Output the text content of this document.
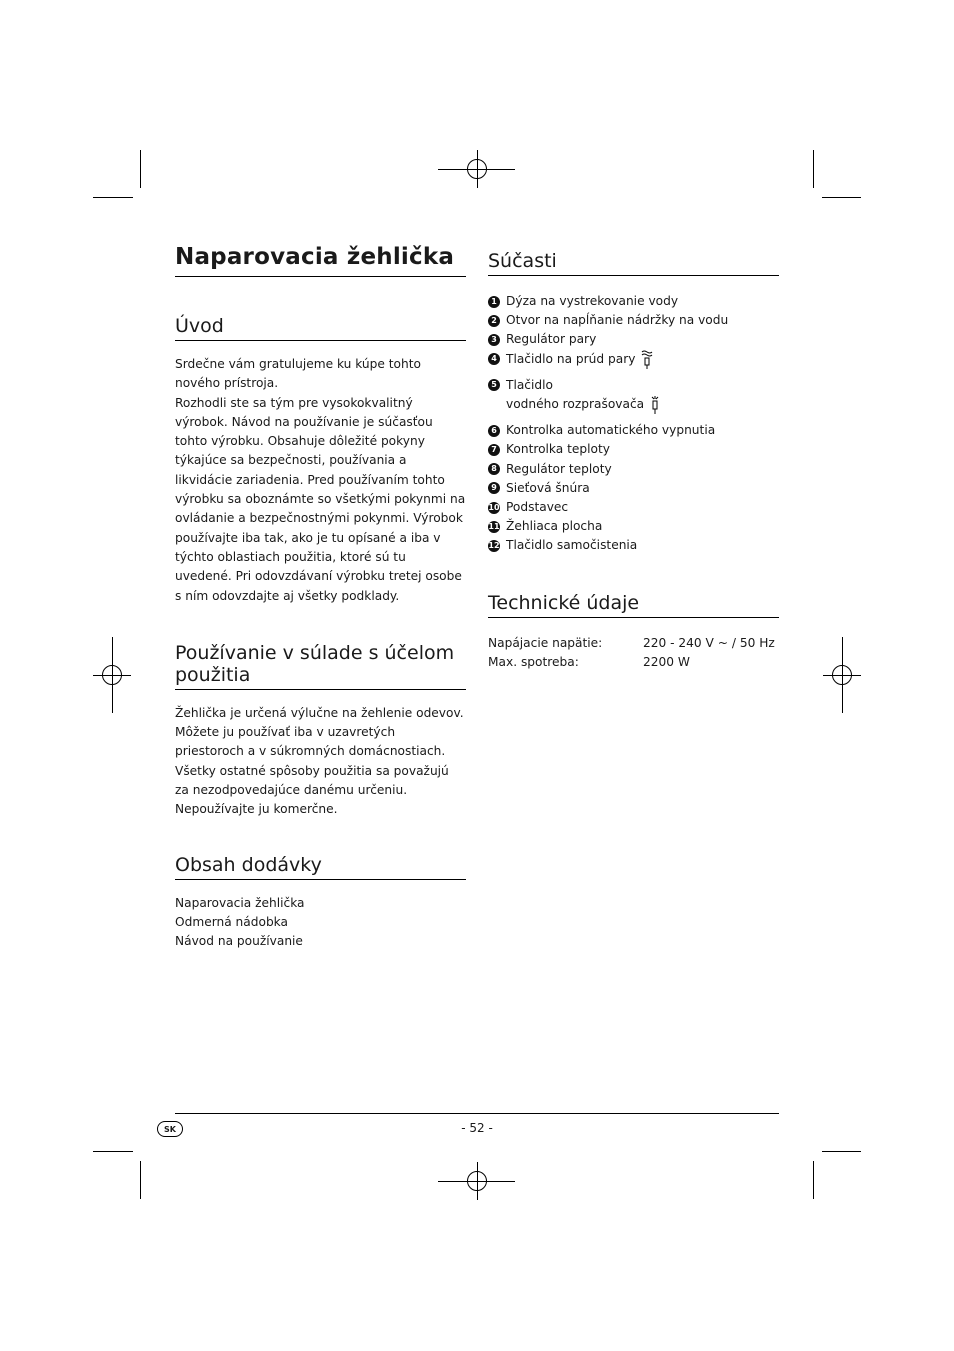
Naparovacia žehlička
Úvod

Srdečne vám gratulujeme ku kúpe tohto nového prístroja.
Rozhodli ste sa tým pre vysokokvalitný výrobok. Návod na používanie je súčasťou tohto výrobku. Obsahuje dôležité pokyny týkajúce sa bezpečnosti, používania a likvidácie zariadenia. Pred používaním tohto výrobku sa oboznámte so všetkými pokynmi na ovládanie a bezpečnostnými pokynmi. Výrobok používajte iba tak, ako je tu opísané a iba v týchto oblastiach použitia, ktoré sú tu uvedené. Pri odovzdávaní výrobku tretej osobe s ním odovzdajte aj všetky podklady.

Používanie v súlade s účelom použitia

Žehlička je určená výlučne na žehlenie odevov. Môžete ju používať iba v uzavretých priestoroch a v súkromných domácnostiach. Všetky ostatné spôsoby použitia sa považujú za nezodpovedajúce danému určeniu. Nepoužívajte ju komerčne.

Obsah dodávky
Naparovacia žehlička
Odmerná nádobka
Návod na používanie
Súčasti
1 Dýza na vystrekovanie vody
2 Otvor na napĺňanie nádržky na vodu
3 Regulátor pary
4 Tlačidlo na prúd pary
5 Tlačidlo
vodného rozprašovača
6 Kontrolka automatického vypnutia
7 Kontrolka teploty
8 Regulátor teploty
9 Sieťová šnúra
10 Podstavec
11 Žehliaca plocha
12 Tlačidlo samočistenia
Technické údaje
Napájacie napätie:	220 - 240 V ~ / 50 Hz
Max. spotreba:	2200 W
SK	- 52 -
